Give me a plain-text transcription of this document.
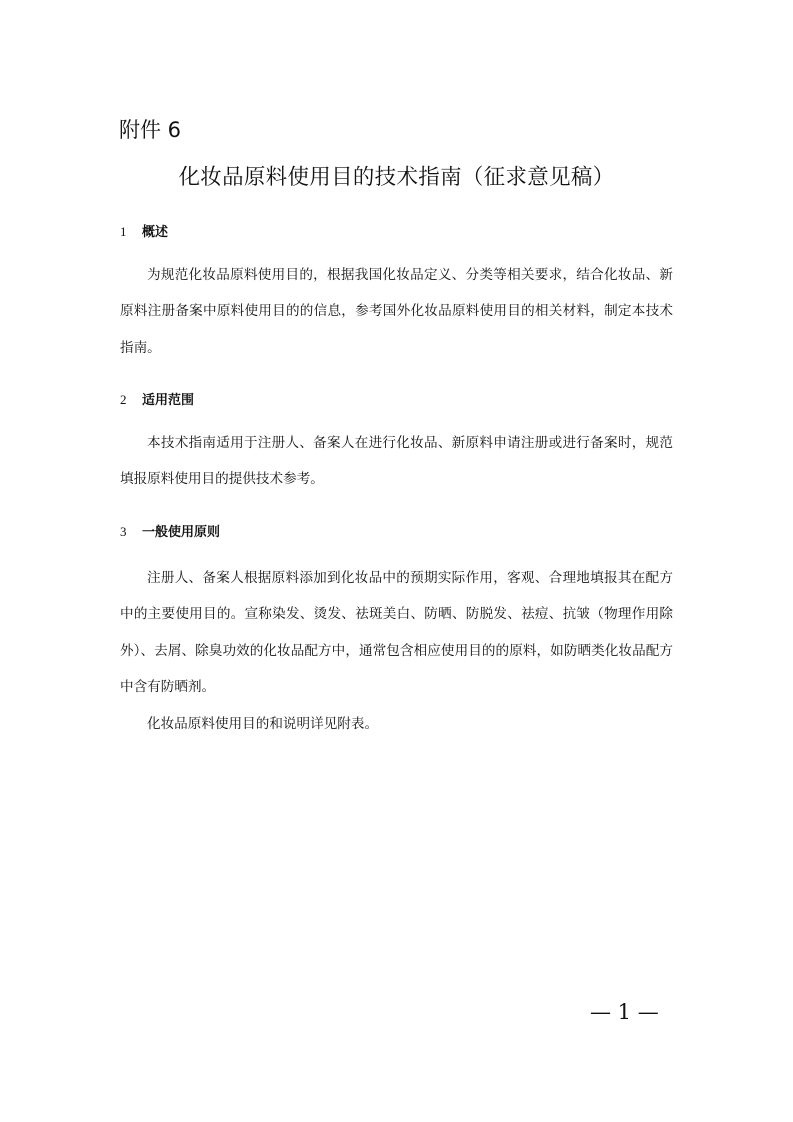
附件 6
化妆品原料使用目的技术指南（征求意见稿）
1 概述

为规范化妆品原料使用目的，根据我国化妆品定义、分类等相关要求，结合化妆品、新原料注册备案中原料使用目的的信息，参考国外化妆品原料使用目的相关材料，制定本技术指南。

2 适用范围

本技术指南适用于注册人、备案人在进行化妆品、新原料申请注册或进行备案时，规范填报原料使用目的提供技术参考。

3 一般使用原则

注册人、备案人根据原料添加到化妆品中的预期实际作用，客观、合理地填报其在配方中的主要使用目的。宣称染发、烫发、祛斑美白、防晒、防脱发、祛痘、抗皱（物理作用除外）、去屑、除臭功效的化妆品配方中，通常包含相应使用目的的原料，如防晒类化妆品配方中含有防晒剂。

化妆品原料使用目的和说明详见附表。

— 1 —
